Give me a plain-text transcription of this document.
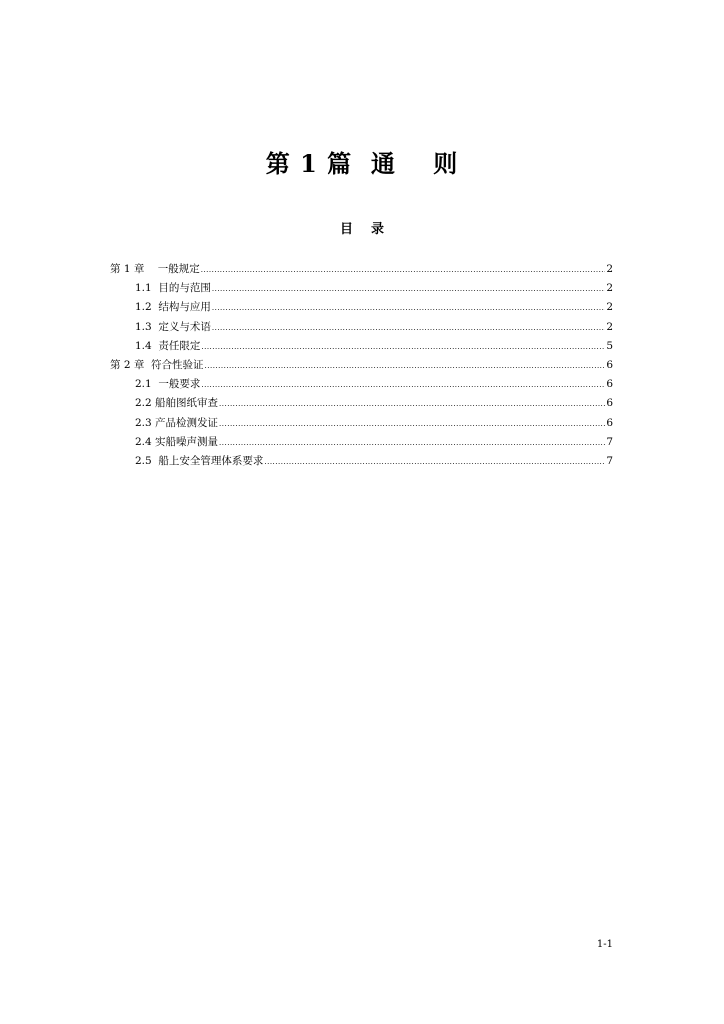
第 1 篇  通    则
目    录
第 1 章    一般规定 .....	2
1.1  目的与范围 .....	2
1.2  结构与应用 .....	2
1.3  定义与术语 .....	2
1.4  责任限定 .....	5
第 2 章  符合性验证 .....	6
2.1  一般要求 .....	6
2.2 船舶图纸审查 .....	6
2.3 产品检测发证 .....	6
2.4 实船噪声测量 .....	7
2.5  船上安全管理体系要求 .....	7
1-1
